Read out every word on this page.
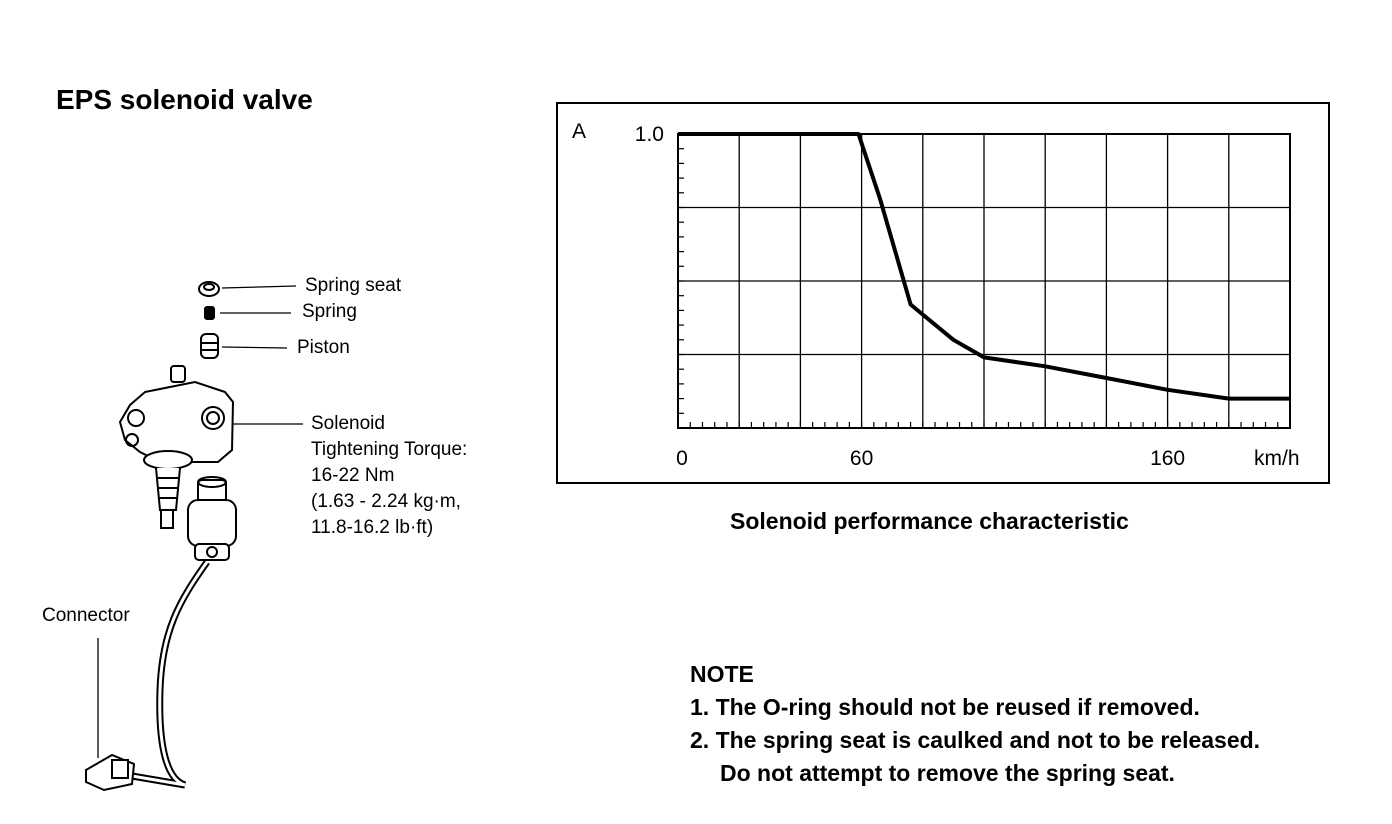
EPS solenoid valve
Spring seat
Spring
Piston
Solenoid
Tightening Torque:
16-22 Nm
(1.63 - 2.24 kg·m,
11.8-16.2 lb·ft)
Connector
A 1.0
0	60	160	km/h
Solenoid performance characteristic
NOTE
1. The O-ring should not be reused if removed.
2. The spring seat is caulked and not to be released.
Do not attempt to remove the spring seat.
